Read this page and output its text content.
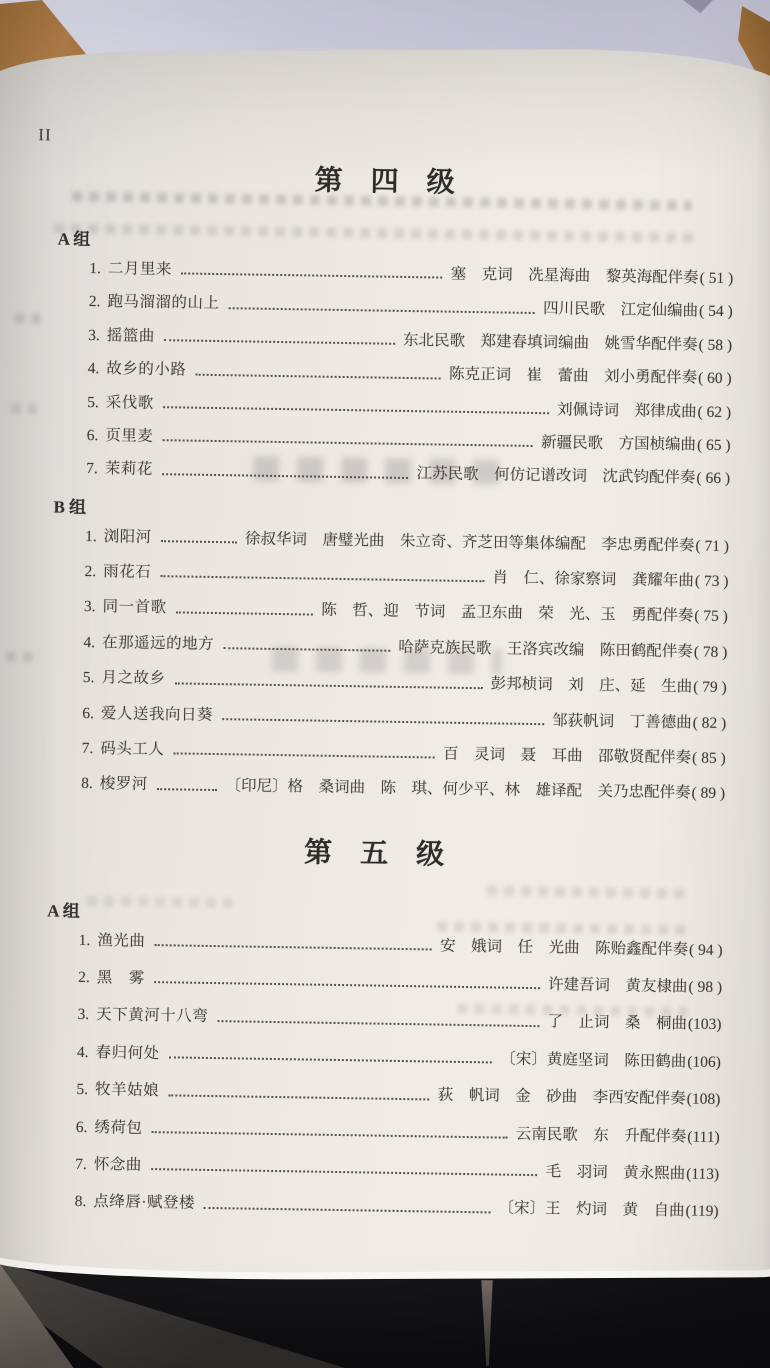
II
第　四　级
A 组
1. 二月里来	塞　克词　冼星海曲　黎英海配伴奏 ( 51 )
2. 跑马溜溜的山上	四川民歌　江定仙编曲 ( 54 )
3. 摇篮曲	东北民歌　郑建春填词编曲　姚雪华配伴奏 ( 58 )
4. 故乡的小路	陈克正词　崔　蕾曲　刘小勇配伴奏 ( 60 )
5. 采伐歌	刘佩诗词　郑律成曲 ( 62 )
6. 页里麦	新疆民歌　方国桢编曲 ( 65 )
7. 茉莉花	江苏民歌　何仿记谱改词　沈武钧配伴奏 ( 66 )
B 组
1. 浏阳河	徐叔华词　唐璧光曲　朱立奇、齐芝田等集体编配　李忠勇配伴奏 ( 71 )
2. 雨花石	肖　仁、徐家察词　龚耀年曲 ( 73 )
3. 同一首歌	陈　哲、迎　节词　孟卫东曲　荣　光、玉　勇配伴奏 ( 75 )
4. 在那遥远的地方	哈萨克族民歌　王洛宾改编　陈田鹤配伴奏 ( 78 )
5. 月之故乡	彭邦桢词　刘　庄、延　生曲 ( 79 )
6. 爱人送我向日葵	邹荻帆词　丁善德曲 ( 82 )
7. 码头工人	百　灵词　聂　耳曲　邵敬贤配伴奏 ( 85 )
8. 梭罗河	〔印尼〕格　桑词曲　陈　琪、何少平、林　雄译配　关乃忠配伴奏 ( 89 )
第　五　级
A 组
1. 渔光曲	安　娥词　任　光曲　陈贻鑫配伴奏 ( 94 )
2. 黑　雾	许建吾词　黄友棣曲 ( 98 )
3. 天下黄河十八弯	了　止词　桑　桐曲 (103)
4. 春归何处	〔宋〕黄庭坚词　陈田鹤曲 (106)
5. 牧羊姑娘	荻　帆词　金　砂曲　李西安配伴奏 (108)
6. 绣荷包	云南民歌　东　升配伴奏 (111)
7. 怀念曲	毛　羽词　黄永熙曲 (113)
8. 点绛唇·赋登楼	〔宋〕王　灼词　黄　自曲 (119)
